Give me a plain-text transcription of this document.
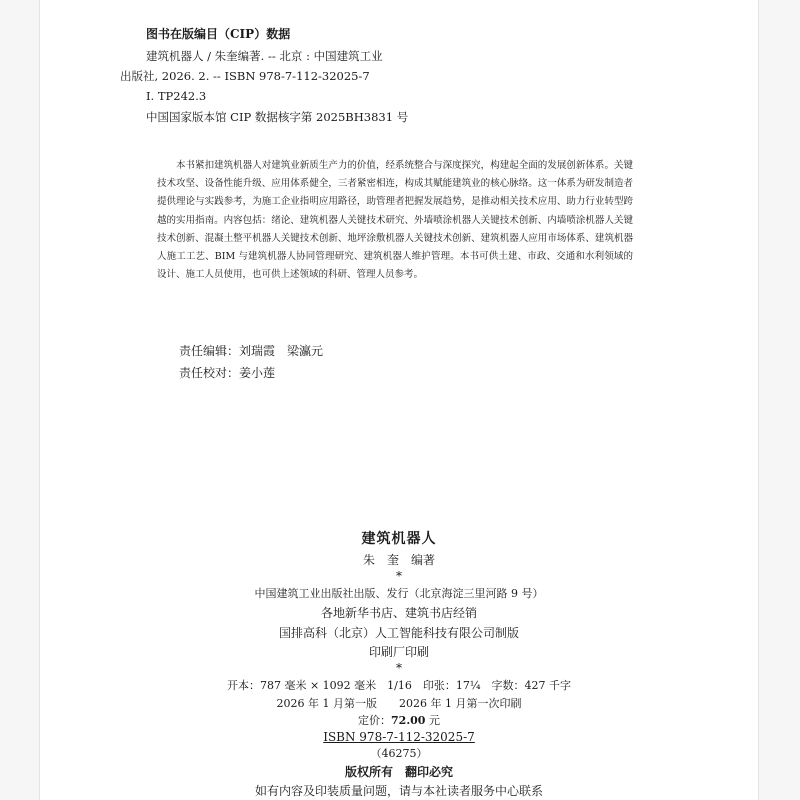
图书在版编目（CIP）数据
建筑机器人 / 朱奎编著. -- 北京 : 中国建筑工业
出版社, 2026. 2. -- ISBN 978-7-112-32025-7
Ⅰ. TP242.3
中国国家版本馆 CIP 数据核字第 2025BH3831 号

本书紧扣建筑机器人对建筑业新质生产力的价值，经系统整合与深度探究，构建起全面的发展创新体系。关键技术攻坚、设备性能升级、应用体系健全，三者紧密相连，构成其赋能建筑业的核心脉络。这一体系为研发制造者提供理论与实践参考，为施工企业指明应用路径，助管理者把握发展趋势，是推动相关技术应用、助力行业转型跨越的实用指南。内容包括：绪论、建筑机器人关键技术研究、外墙喷涂机器人关键技术创新、内墙喷涂机器人关键技术创新、混凝土整平机器人关键技术创新、地坪涂敷机器人关键技术创新、建筑机器人应用市场体系、建筑机器人施工工艺、BIM 与建筑机器人协同管理研究、建筑机器人维护管理。本书可供土建、市政、交通和水利领域的设计、施工人员使用，也可供上述领域的科研、管理人员参考。

责任编辑：刘瑞霞　梁瀛元
责任校对：姜小莲
建筑机器人
朱　奎　编著
*
中国建筑工业出版社出版、发行（北京海淀三里河路 9 号）
各地新华书店、建筑书店经销
国排高科（北京）人工智能科技有限公司制版
印刷厂印刷
*
开本：787 毫米 × 1092 毫米　1/16　印张：17¼　字数：427 千字
2026 年 1 月第一版　　2026 年 1 月第一次印刷
定价：72.00 元
ISBN 978-7-112-32025-7
（46275）
版权所有　翻印必究
如有内容及印装质量问题，请与本社读者服务中心联系
